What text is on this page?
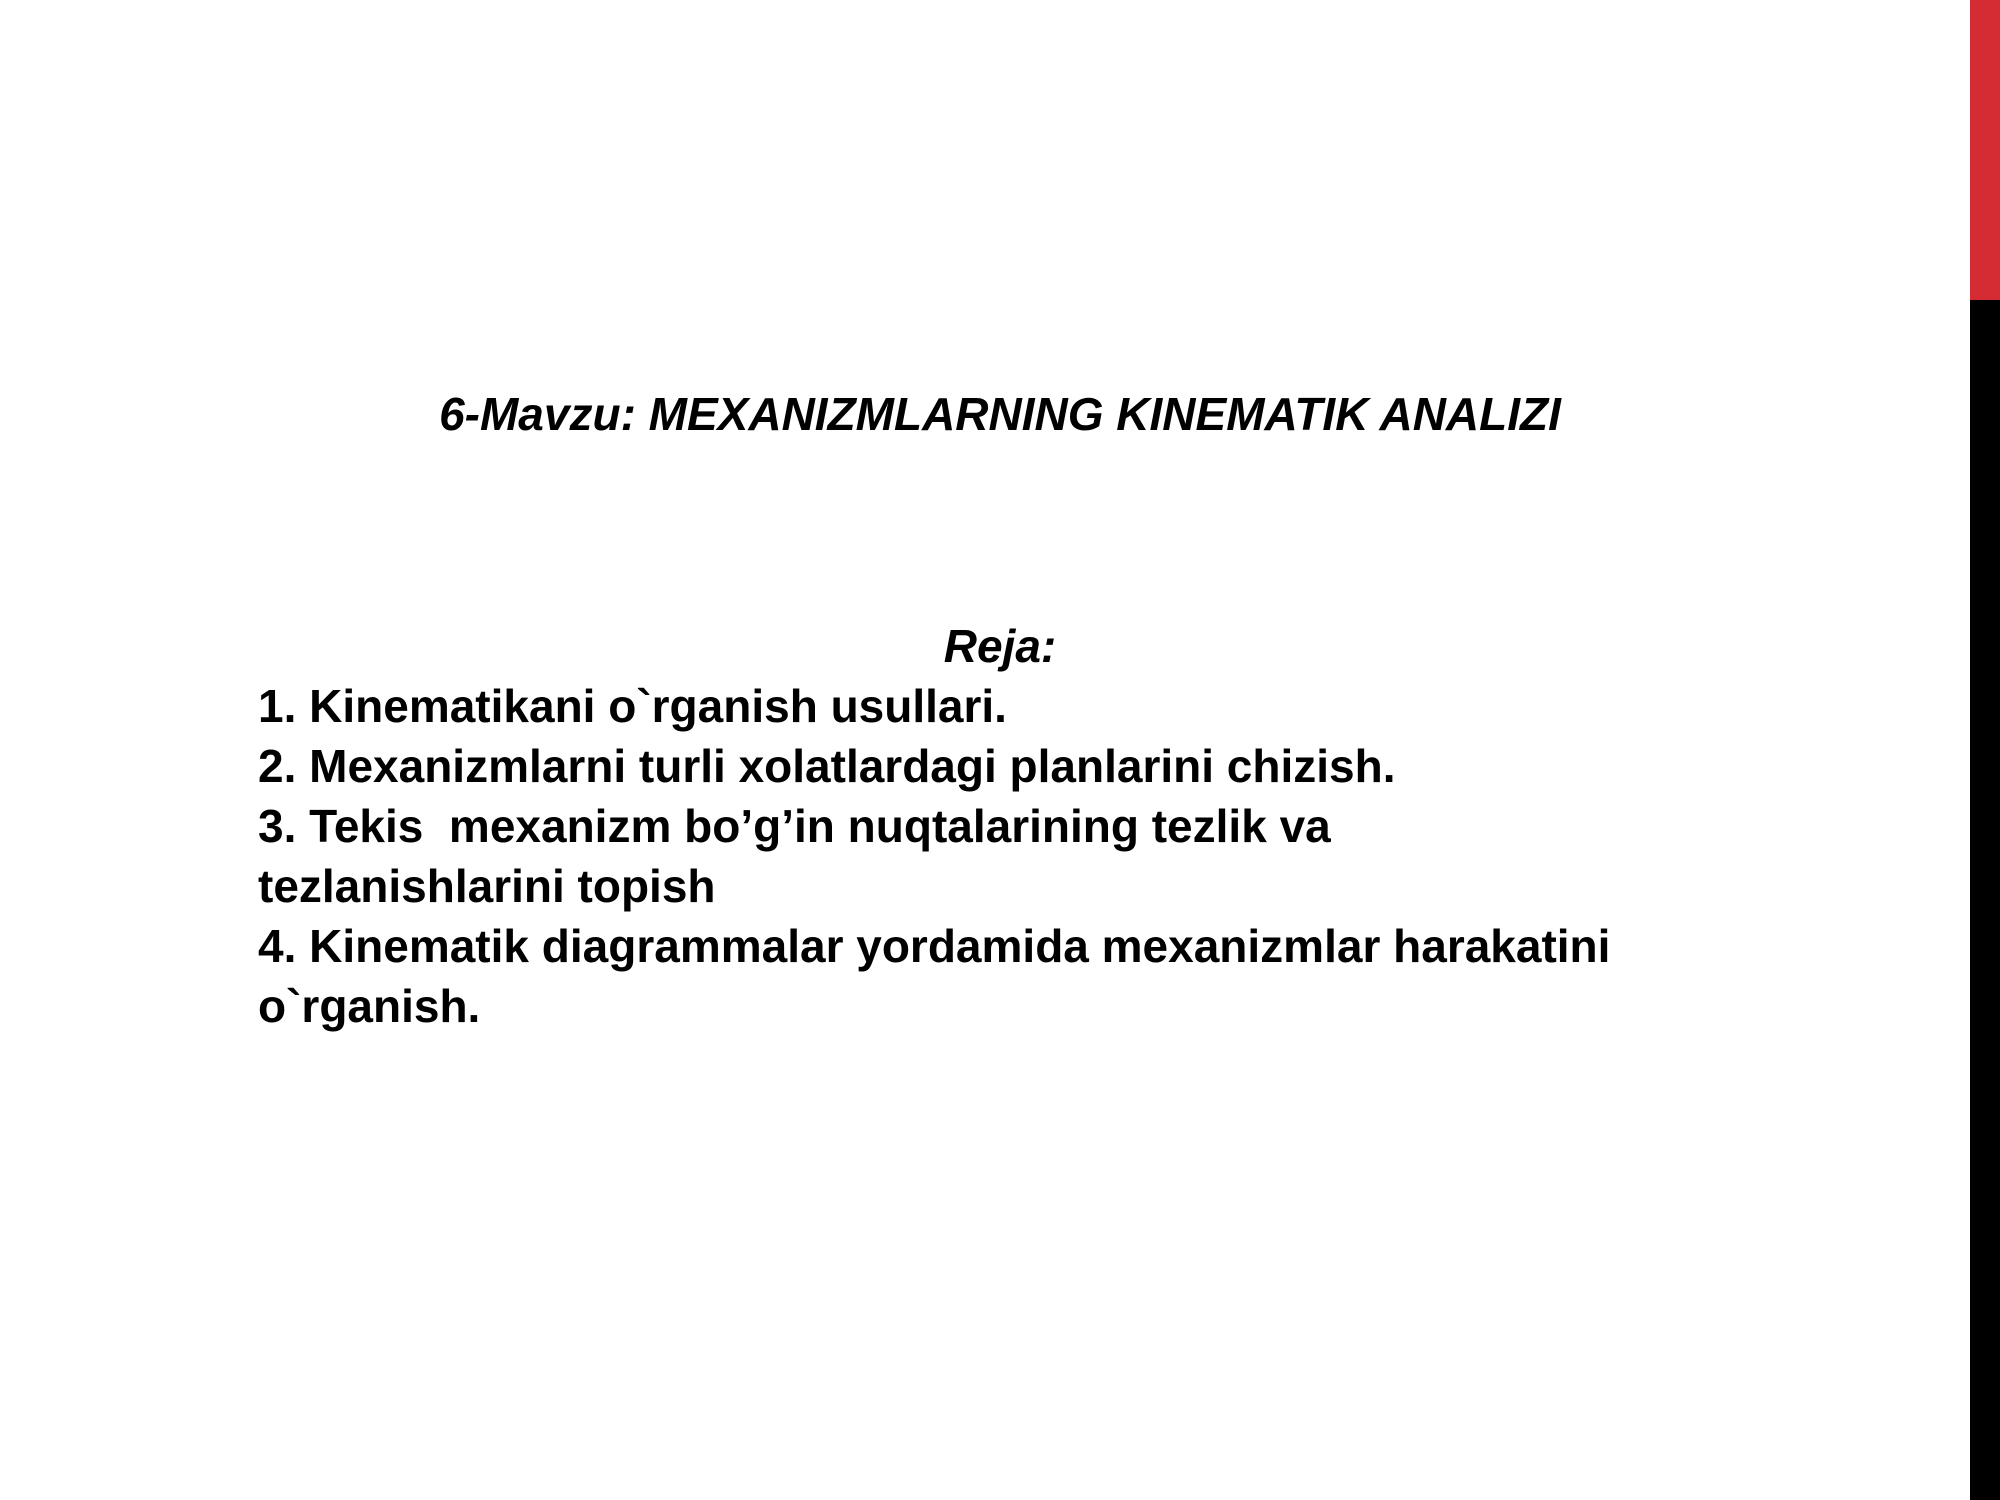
6-Mavzu: MEXANIZMLARNING KINEMATIK ANALIZI
Reja:
1. Kinematikani o`rganish usullari.
2. Mexanizmlarni turli xolatlardagi planlarini chizish.
3. Tekis  mexanizm bo’g’in nuqtalarining tezlik va
tezlanishlarini topish
4. Kinematik diagrammalar yordamida mexanizmlar harakatini
o`rganish.
